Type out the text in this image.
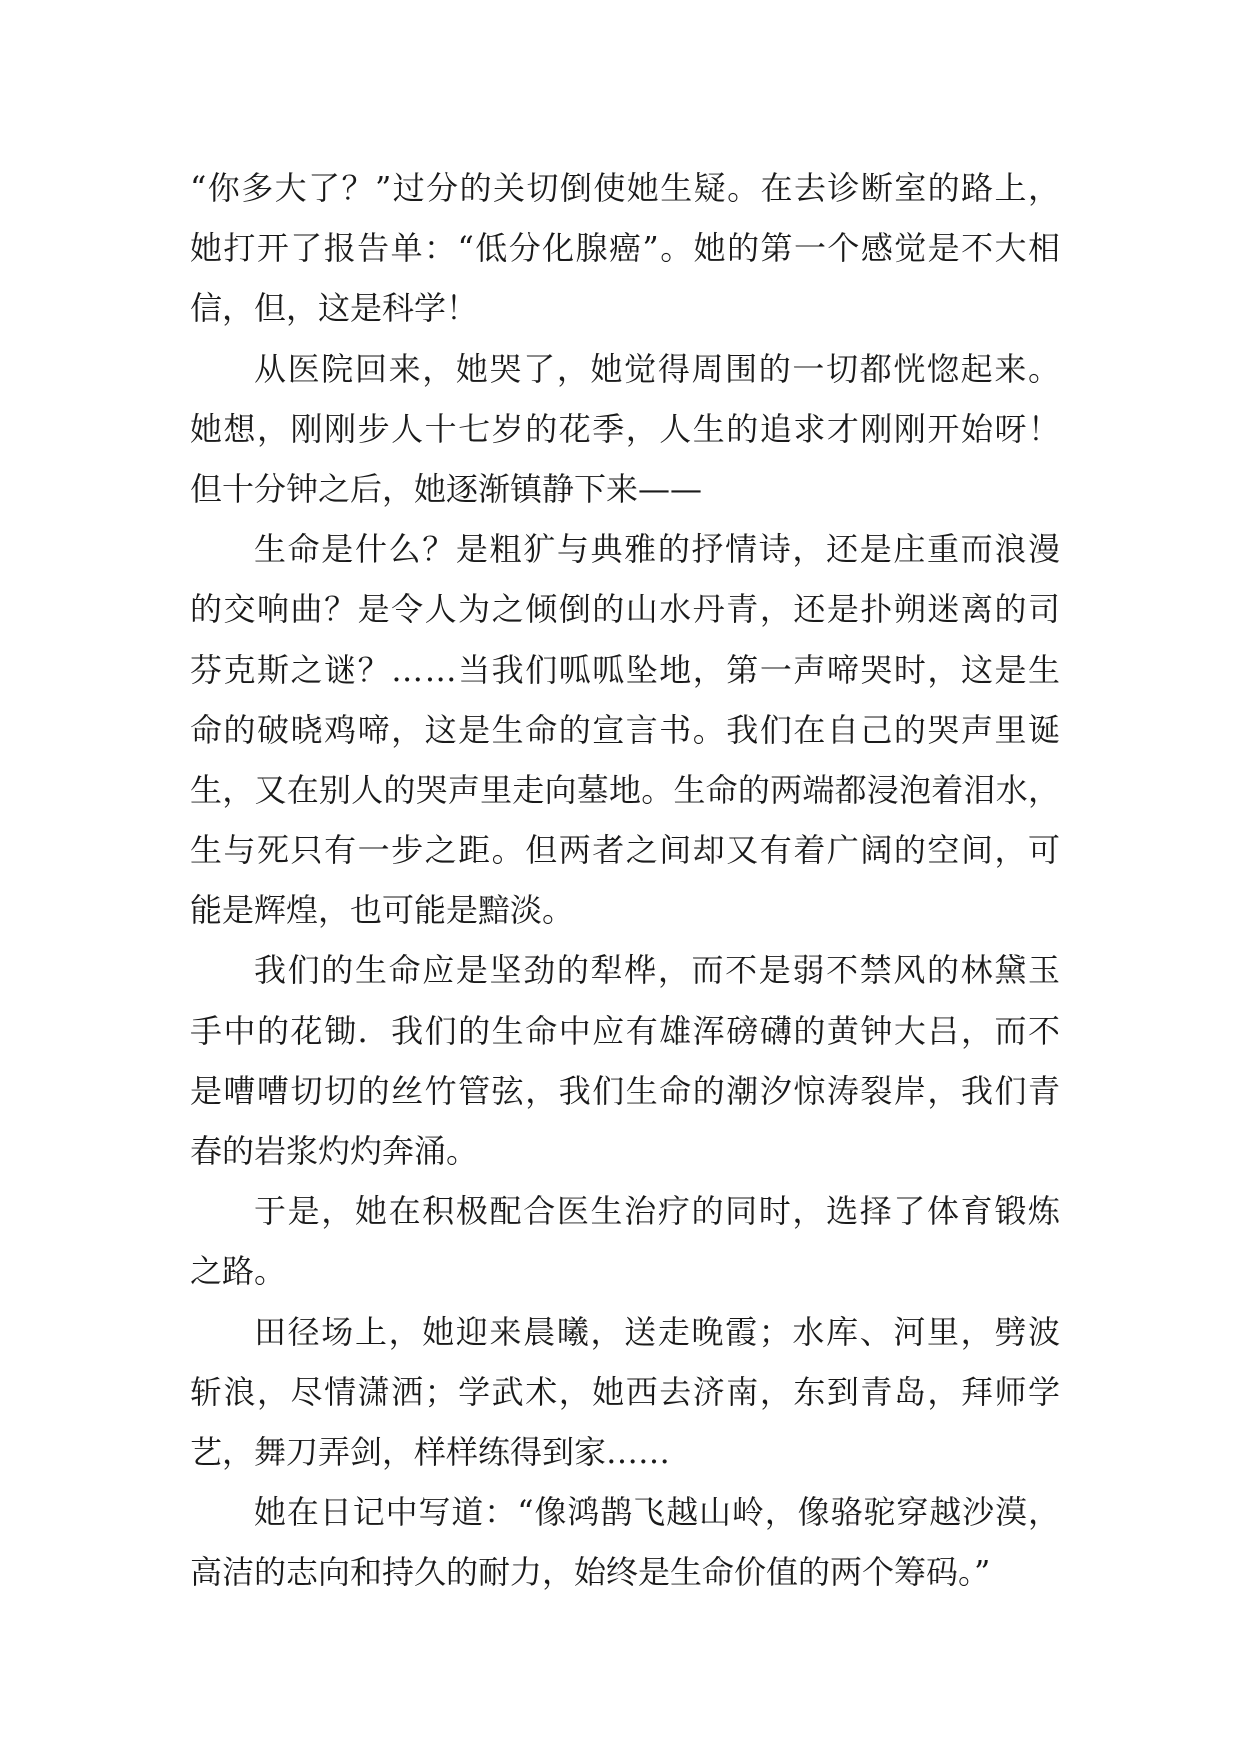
“你多大了？”过分的关切倒使她生疑。在去诊断室的路上，
她打开了报告单：“低分化腺癌”。她的第一个感觉是不大相
信，但，这是科学！
从医院回来，她哭了，她觉得周围的一切都恍惚起来。
她想，刚刚步人十七岁的花季，人生的追求才刚刚开始呀！
但十分钟之后，她逐渐镇静下来——
生命是什么？是粗犷与典雅的抒情诗，还是庄重而浪漫
的交响曲？是令人为之倾倒的山水丹青，还是扑朔迷离的司
芬克斯之谜？……当我们呱呱坠地，第一声啼哭时，这是生
命的破晓鸡啼，这是生命的宣言书。我们在自己的哭声里诞
生，又在别人的哭声里走向墓地。生命的两端都浸泡着泪水，
生与死只有一步之距。但两者之间却又有着广阔的空间，可
能是辉煌，也可能是黯淡。
我们的生命应是坚劲的犁桦，而不是弱不禁风的林黛玉
手中的花锄．我们的生命中应有雄浑磅礴的黄钟大吕，而不
是嘈嘈切切的丝竹管弦，我们生命的潮汐惊涛裂岸，我们青
春的岩浆灼灼奔涌。
于是，她在积极配合医生治疗的同时，选择了体育锻炼
之路。
田径场上，她迎来晨曦，送走晚霞；水库、河里，劈波
斩浪，尽情潇洒；学武术，她西去济南，东到青岛，拜师学
艺，舞刀弄剑，样样练得到家……
她在日记中写道：“像鸿鹊飞越山岭，像骆驼穿越沙漠，
高洁的志向和持久的耐力，始终是生命价值的两个筹码。”
